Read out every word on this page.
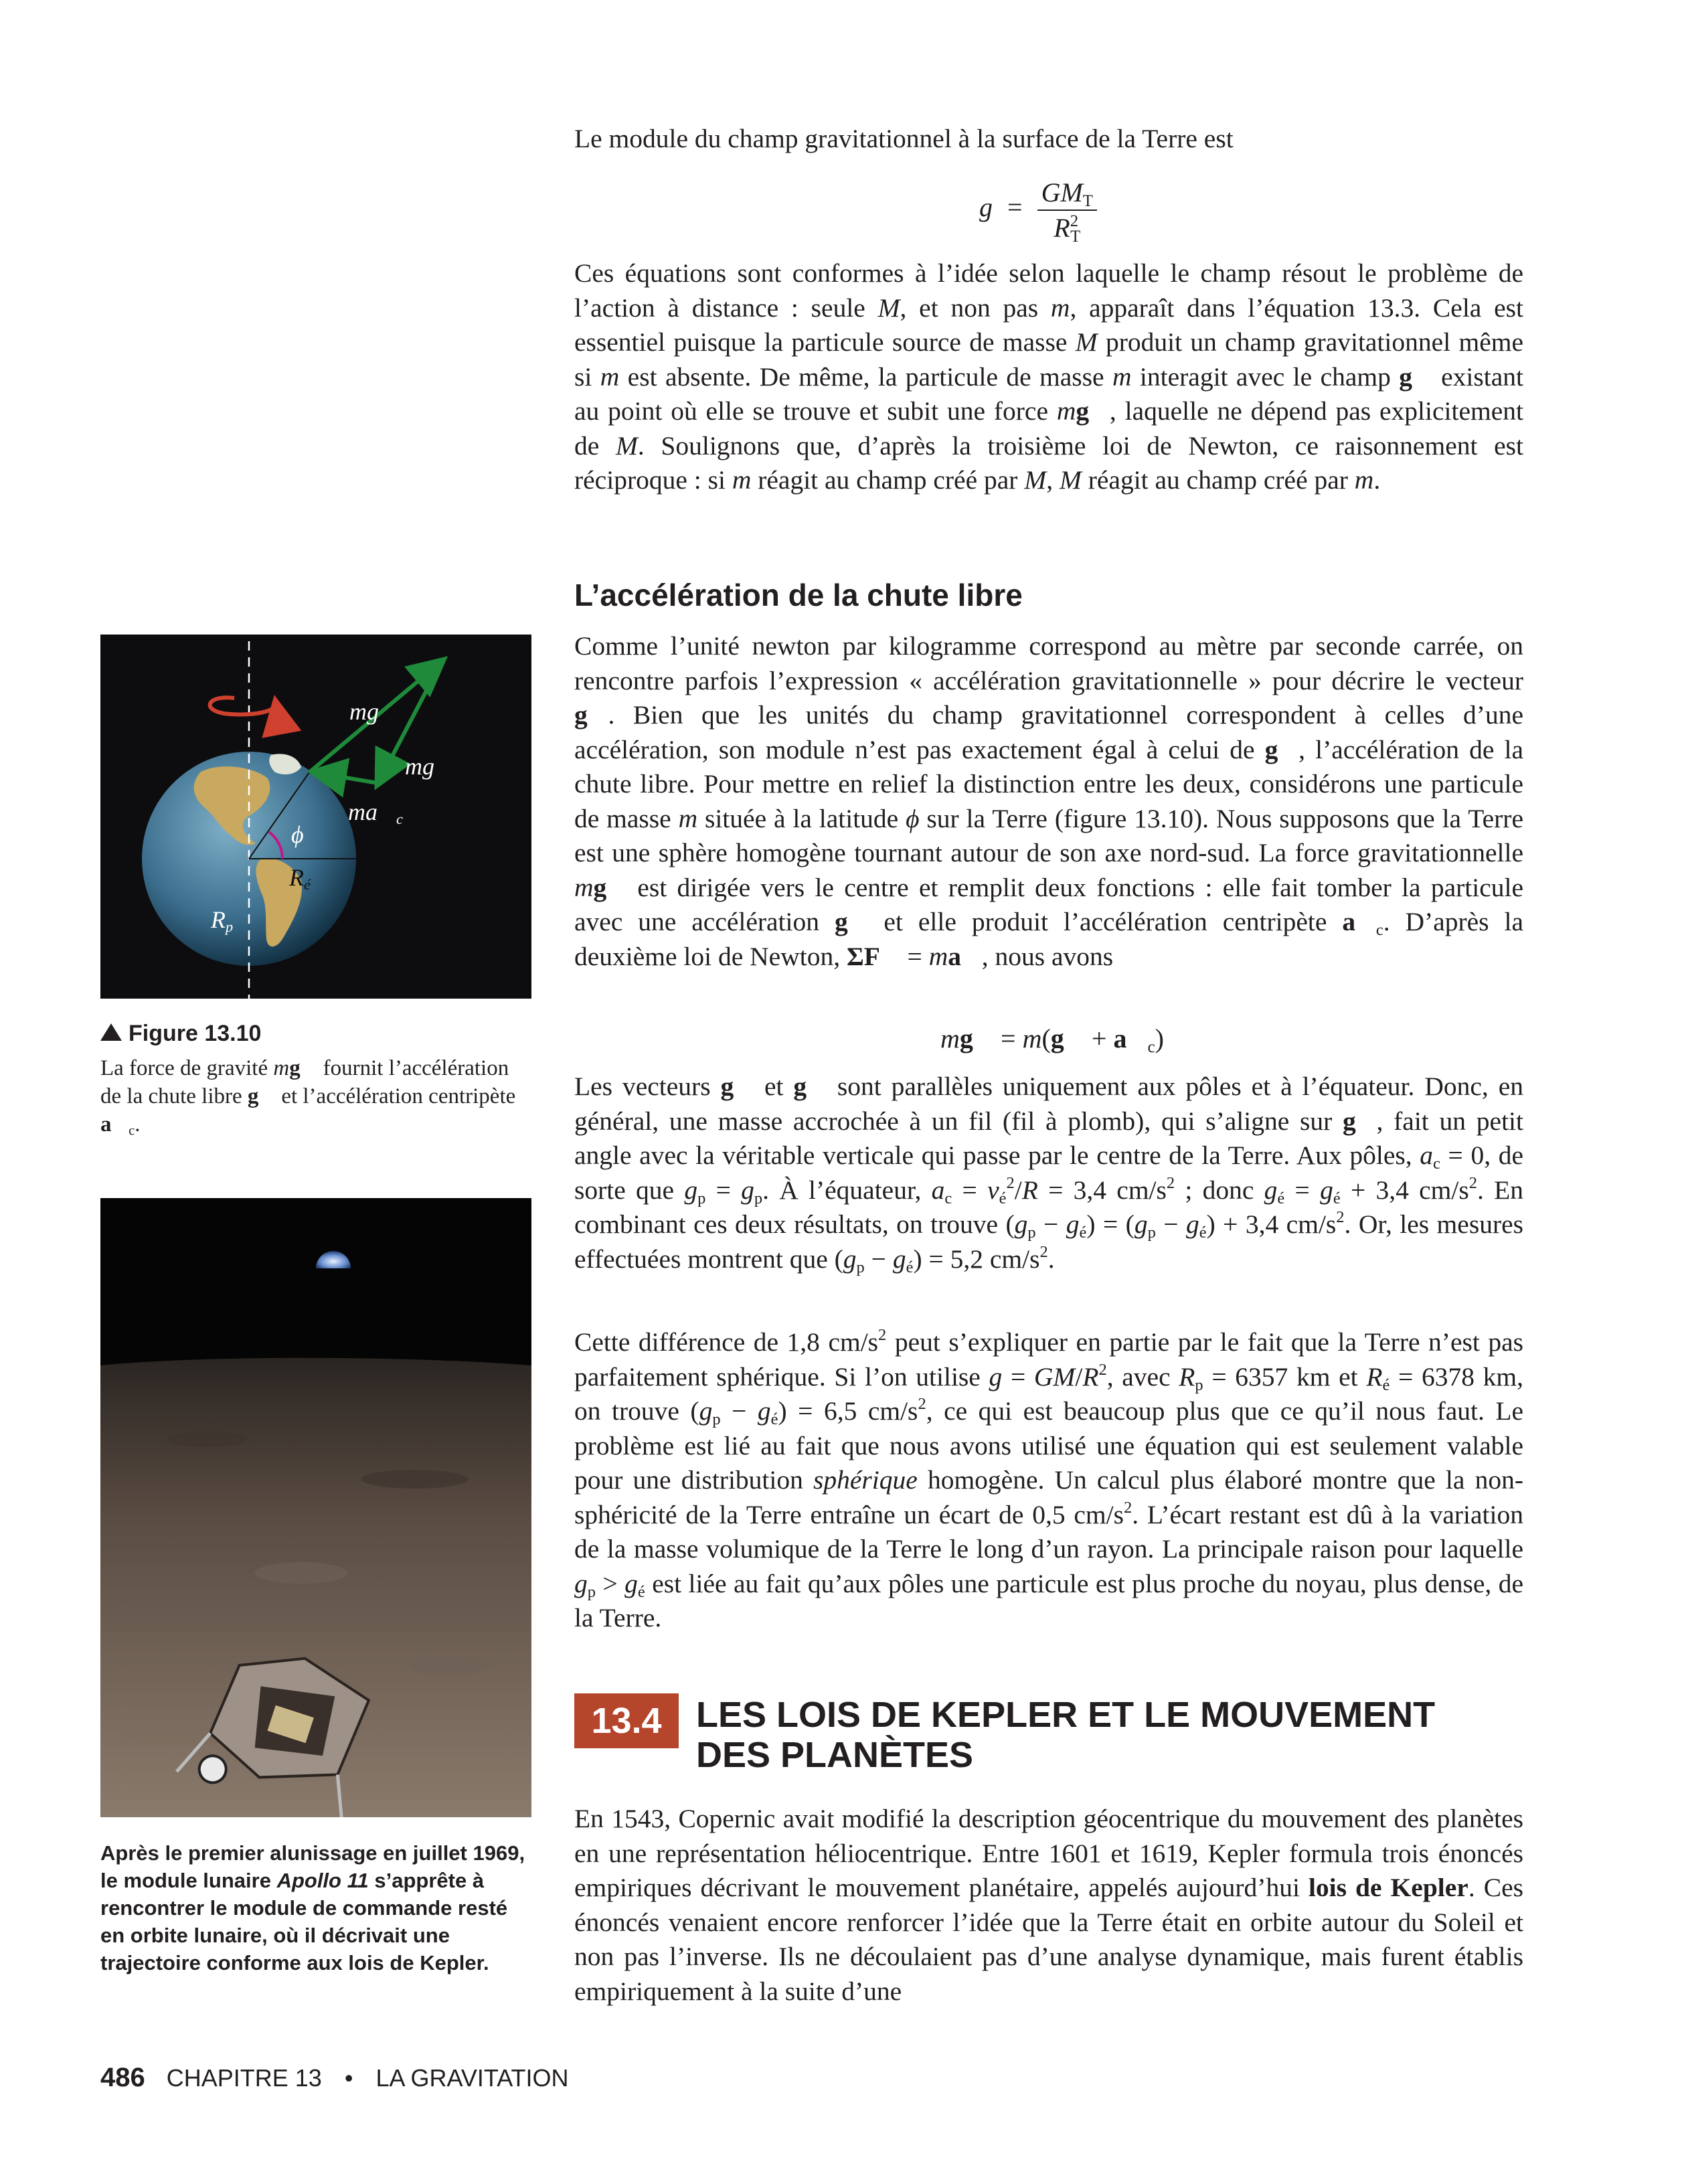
Le module du champ gravitationnel à la surface de la Terre est

$g = \frac{GM_T}{R^2_T}$

Ces équations sont conformes à l’idée selon laquelle le champ résout le problème de l’action à distance : seule M, et non pas m, apparaît dans l’équation 13.3. Cela est essentiel puisque la particule source de masse M produit un champ gravitationnel même si m est absente. De même, la particule de masse m interagit avec le champ g⃗ existant au point où elle se trouve et subit une force mg⃗, laquelle ne dépend pas explicitement de M. Soulignons que, d’après la troisième loi de Newton, ce raisonnement est réciproque : si m réagit au champ créé par M, M réagit au champ créé par m.

L’accélération de la chute libre

Comme l’unité newton par kilogramme correspond au mètre par seconde carrée, on rencontre parfois l’expression « accélération gravitationnelle » pour décrire le vecteur g⃗. Bien que les unités du champ gravitationnel correspondent à celles d’une accélération, son module n’est pas exactement égal à celui de g⃗, l’accélération de la chute libre. Pour mettre en relief la distinction entre les deux, considérons une particule de masse m située à la latitude ϕ sur la Terre (figure 13.10). Nous supposons que la Terre est une sphère homogène tournant autour de son axe nord-sud. La force gravitationnelle mg⃗ est dirigée vers le centre et remplit deux fonctions : elle fait tomber la particule avec une accélération g⃗ et elle produit l’accélération centripète $a⃗_c$. D’après la deuxième loi de Newton, ΣF⃗ = ma⃗, nous avons

mg⃗ = m(g⃗ + $a⃗_c$)

Les vecteurs g⃗ et g⃗ sont parallèles uniquement aux pôles et à l’équateur. Donc, en général, une masse accrochée à un fil (fil à plomb), qui s’aligne sur g⃗, fait un petit angle avec la véritable verticale qui passe par le centre de la Terre. Aux pôles, $a_c = 0$, de sorte que $g_p = g_p$. À l’équateur, $a_c = v_é^2/R = 3,4$ $cm/s^2$ ; donc $g_é = g_é + 3,4$ $cm/s^2$. En combinant ces deux résultats, on trouve $(g_p - g_é) = (g_p - g_é) + 3,4$ $cm/s^2$. Or, les mesures effectuées montrent que $(g_p - g_é) = 5,2$ $cm/s^2$.

Cette différence de 1,8 $cm/s^2$ peut s’expliquer en partie par le fait que la Terre n’est pas parfaitement sphérique. Si l’on utilise $g = GM/R^2$, avec $R_p = 6357$ km et $R_é = 6378$ km, on trouve $(g_p - g_é) = 6,5$ $cm/s^2$, ce qui est beaucoup plus que ce qu’il nous faut. Le problème est lié au fait que nous avons utilisé une équation qui est seulement valable pour une distribution sphérique homogène. Un calcul plus élaboré montre que la non-sphéricité de la Terre entraîne un écart de 0,5 $cm/s^2$. L’écart restant est dû à la variation de la masse volumique de la Terre le long d’un rayon. La principale raison pour laquelle $g_p > g_é$ est liée au fait qu’aux pôles une particule est plus proche du noyau, plus dense, de la Terre.

13.4 LES LOIS DE KEPLER ET LE MOUVEMENT
DES PLANÈTES

En 1543, Copernic avait modifié la description géocentrique du mouvement des planètes en une représentation héliocentrique. Entre 1601 et 1619, Kepler formula trois énoncés empiriques décrivant le mouvement planétaire, appelés aujourd’hui lois de Kepler. Ces énoncés venaient encore renforcer l’idée que la Terre était en orbite autour du Soleil et non pas l’inverse. Ils ne découlaient pas d’une analyse dynamique, mais furent établis empiriquement à la suite d’une

mg⃗
mg⃗
$ma⃗_c$
ϕ
$R_é$
$R_p$
Figure 13.10

La force de gravité mg⃗ fournit l’accélération de la chute libre g⃗ et l’accélération centripète $a⃗_c$.

Après le premier alunissage en juillet 1969, le module lunaire Apollo 11 s’apprête à rencontrer le module de commande resté en orbite lunaire, où il décrivait une trajectoire conforme aux lois de Kepler.

486 CHAPITRE 13 • LA GRAVITATION
